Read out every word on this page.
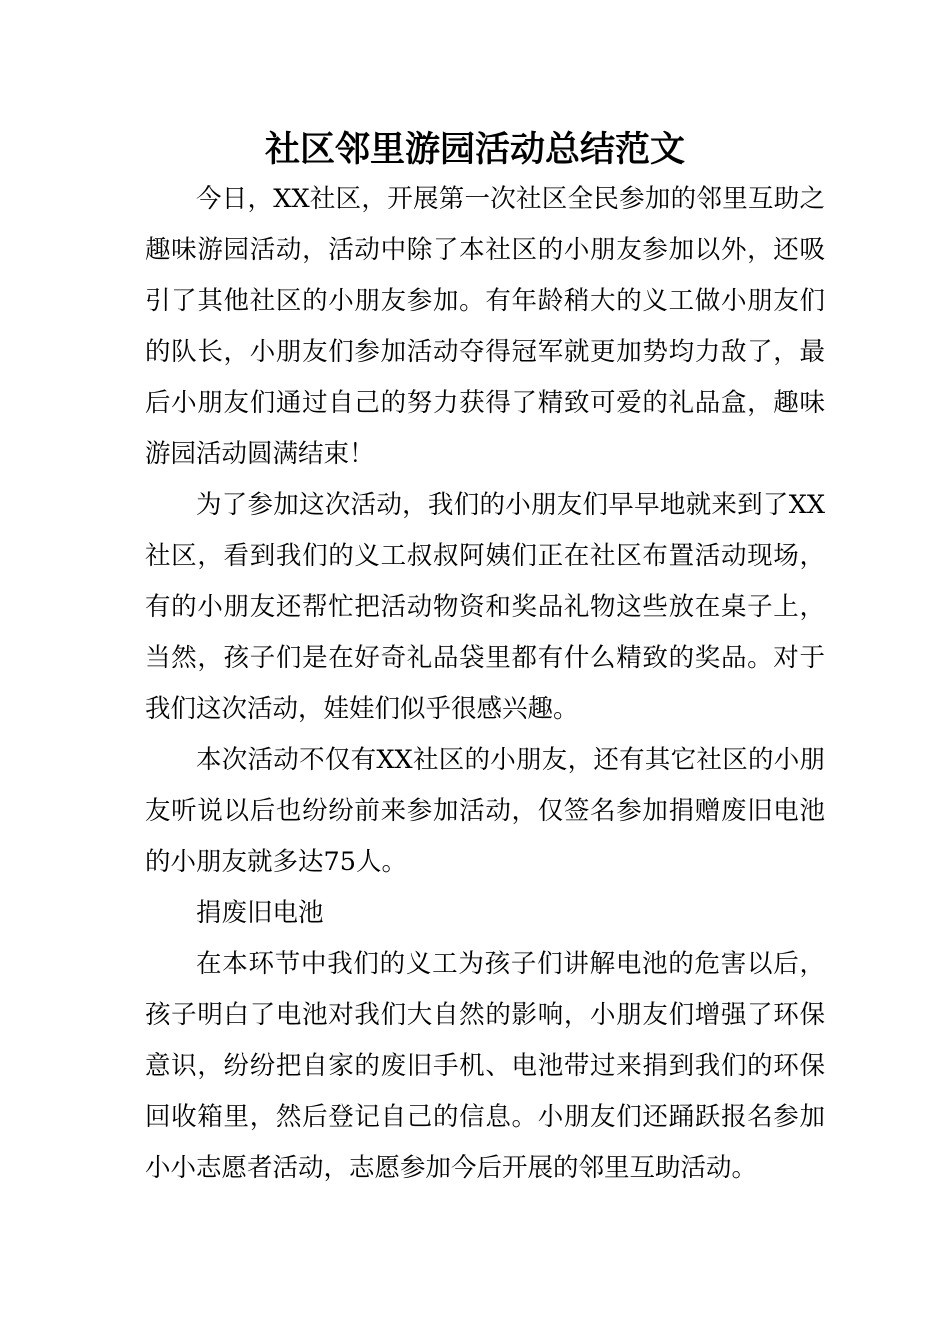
社区邻里游园活动总结范文

今日，XX社区，开展第一次社区全民参加的邻里互助之趣味游园活动，活动中除了本社区的小朋友参加以外，还吸引了其他社区的小朋友参加。有年龄稍大的义工做小朋友们的队长，小朋友们参加活动夺得冠军就更加势均力敌了，最后小朋友们通过自己的努力获得了精致可爱的礼品盒，趣味游园活动圆满结束！

为了参加这次活动，我们的小朋友们早早地就来到了XX社区，看到我们的义工叔叔阿姨们正在社区布置活动现场，有的小朋友还帮忙把活动物资和奖品礼物这些放在桌子上，当然，孩子们是在好奇礼品袋里都有什么精致的奖品。对于我们这次活动，娃娃们似乎很感兴趣。

本次活动不仅有XX社区的小朋友，还有其它社区的小朋友听说以后也纷纷前来参加活动，仅签名参加捐赠废旧电池的小朋友就多达75人。

捐废旧电池

在本环节中我们的义工为孩子们讲解电池的危害以后，孩子明白了电池对我们大自然的影响，小朋友们增强了环保意识，纷纷把自家的废旧手机、电池带过来捐到我们的环保回收箱里，然后登记自己的信息。小朋友们还踊跃报名参加小小志愿者活动，志愿参加今后开展的邻里互助活动。
